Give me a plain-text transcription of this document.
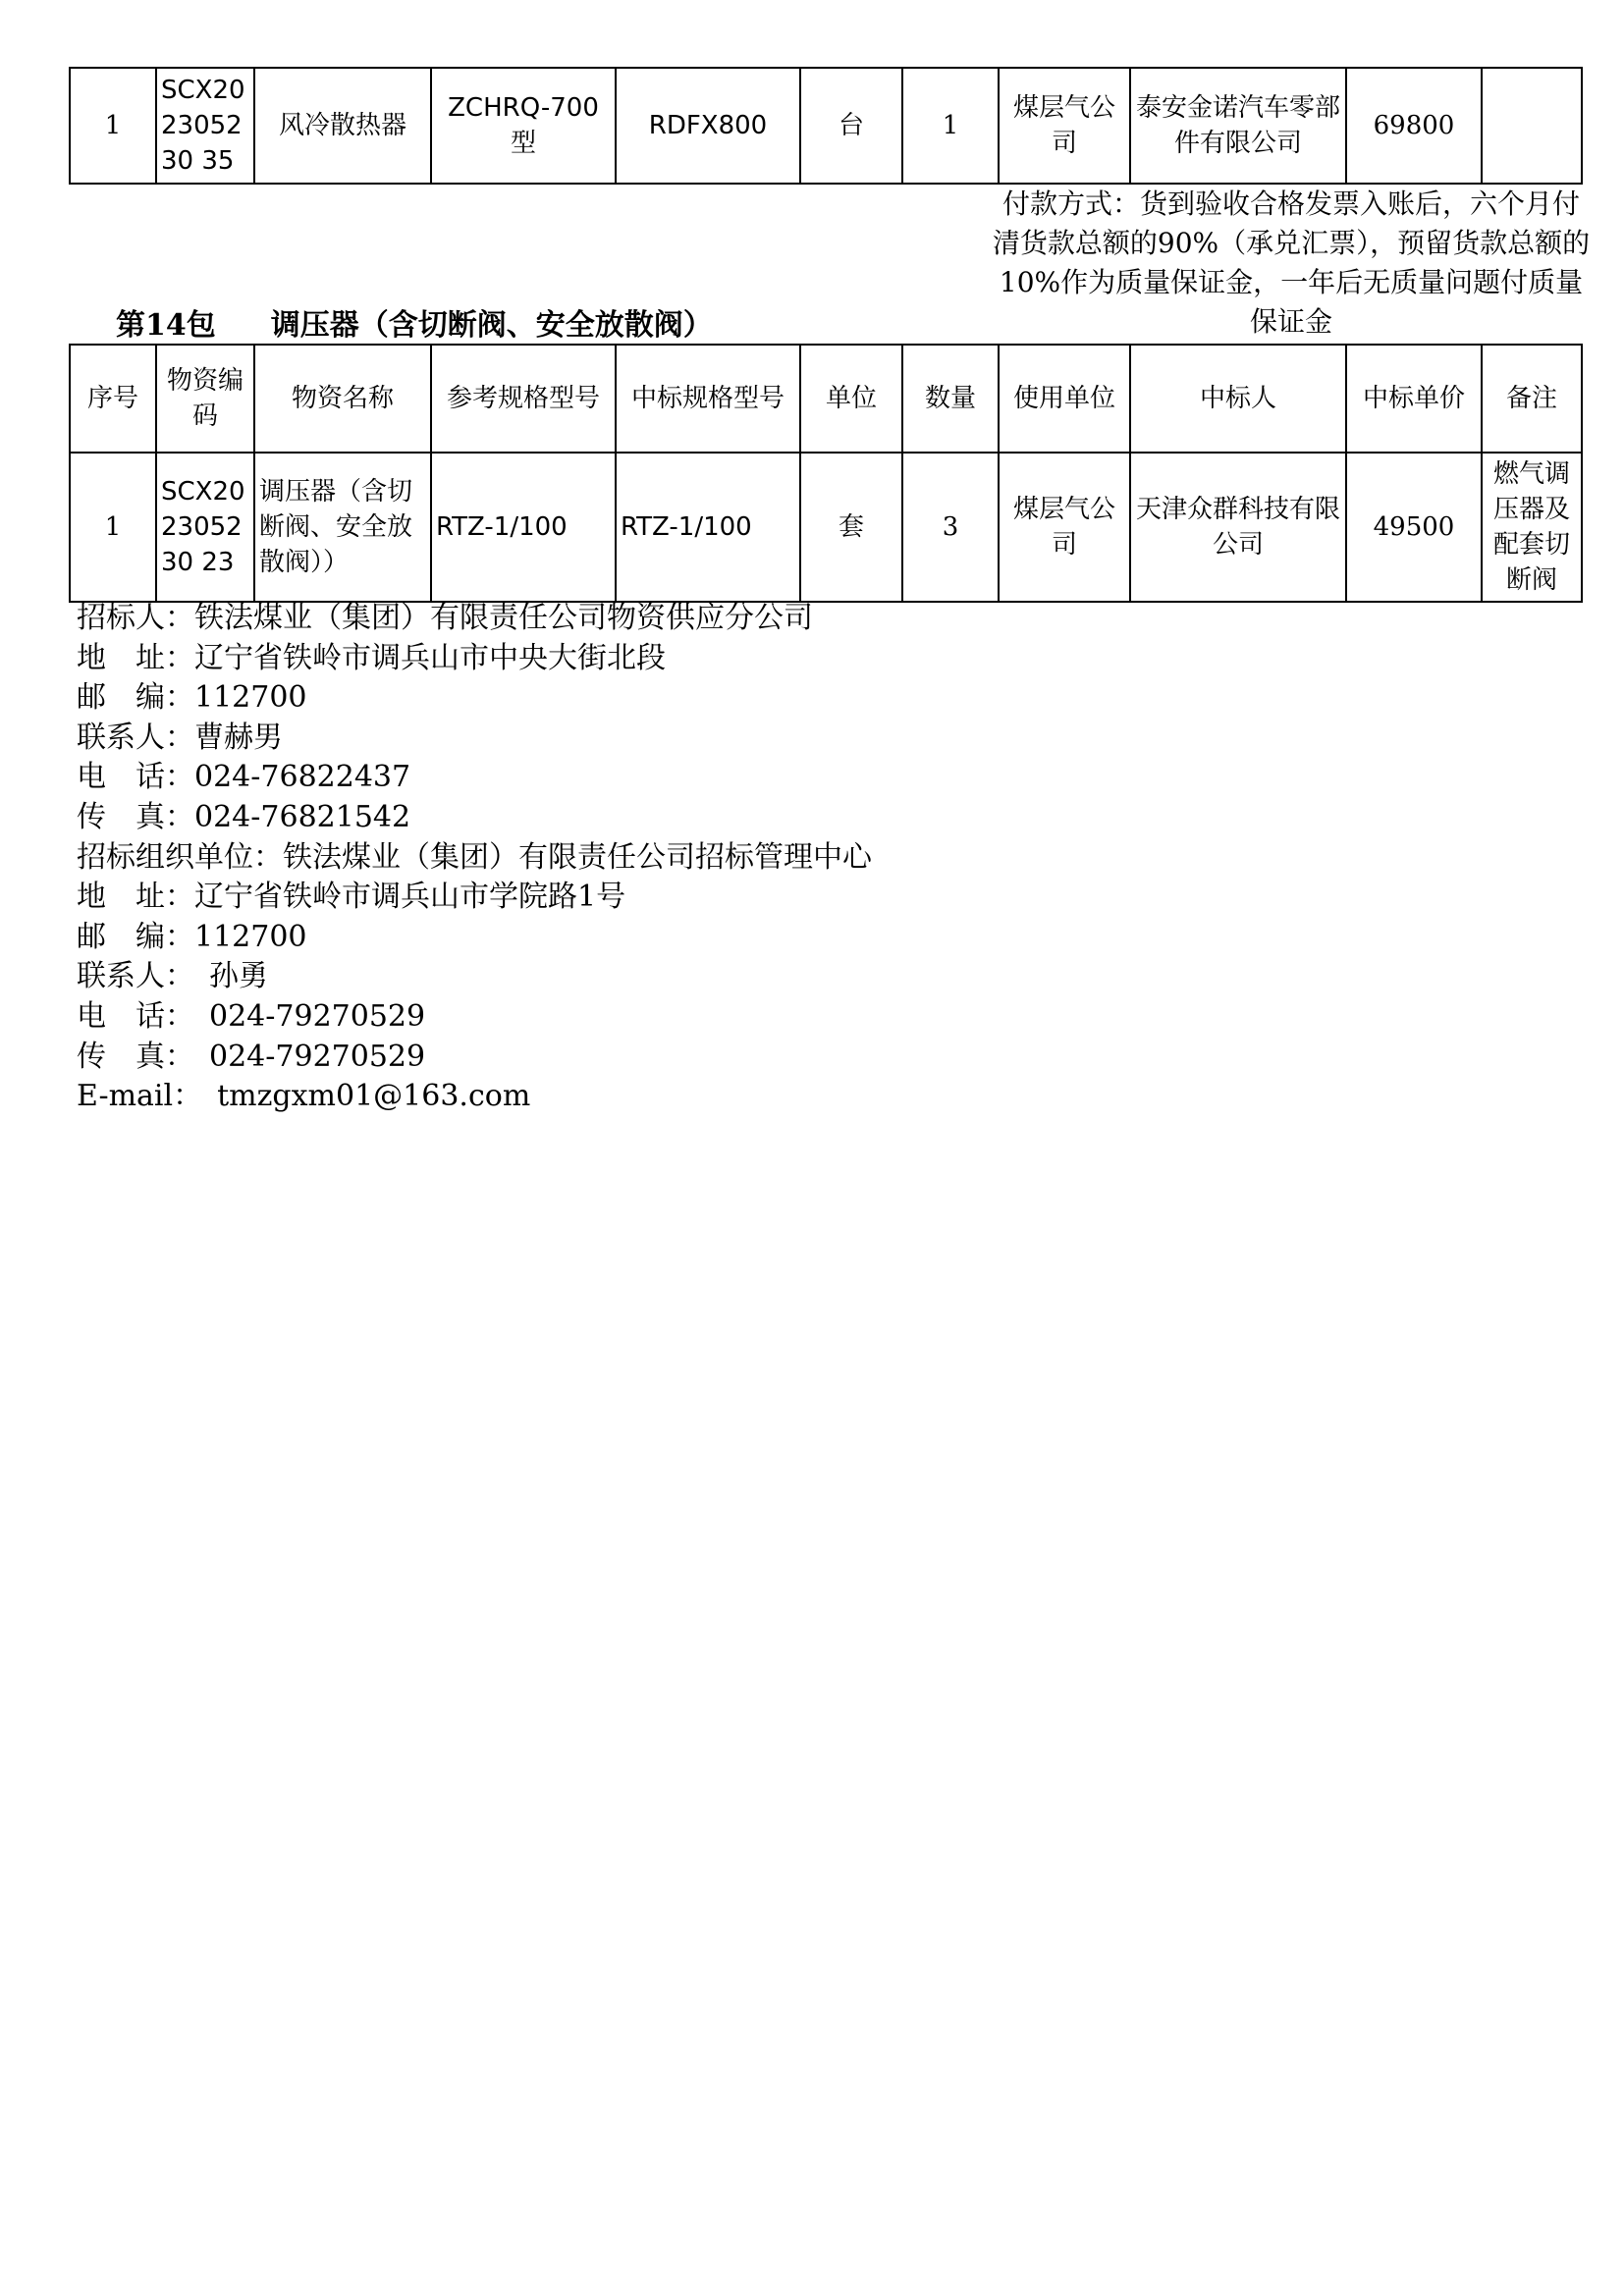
1	SCX202305230 35	风冷散热器	ZCHRQ-700型	RDFX800	台	1	煤层气公司	泰安金诺汽车零部件有限公司	69800	
付款方式：货到验收合格发票入账后，六个月付清货款总额的90%（承兑汇票），预留货款总额的10%作为质量保证金，一年后无质量问题付质量保证金
第14包 调压器（含切断阀、安全放散阀）
序号	物资编码	物资名称	参考规格型号	中标规格型号	单位	数量	使用单位	中标人	中标单价	备注
1	SCX202305230 23	调压器（含切断阀、安全放散阀））	RTZ-1/100	RTZ-1/100	套	3	煤层气公司	天津众群科技有限公司	49500	燃气调压器及配套切断阀
招标人：铁法煤业（集团）有限责任公司物资供应分公司
地　址：辽宁省铁岭市调兵山市中央大街北段
邮　编：112700
联系人：曹赫男
电　话：024-76822437
传　真：024-76821542
招标组织单位：铁法煤业（集团）有限责任公司招标管理中心
地　址：辽宁省铁岭市调兵山市学院路1号
邮　编：112700
联系人：　孙勇
电　话：　024-79270529
传　真：　024-79270529
E-mail：　tmzgxm01@163.com
